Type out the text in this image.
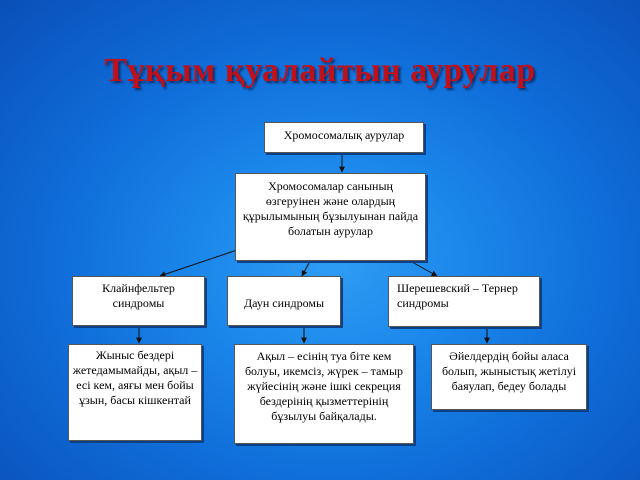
Тұқым қуалайтын аурулар
Хромосомалық аурулар
Хромосомалар санының өзгеруінен және олардың құрылымының бұзылуынан пайда болатын аурулар
Клайнфельтер синдромы	Даун синдромы
Шерешевский – Тернер синдромы
Жыныс бездері жетедамымайды, ақыл – есі кем, аяғы мен бойы ұзын, басы кішкентай
Ақыл – есінің туа біте кем болуы, икемсіз, жүрек – тамыр жүйесінің және ішкі секреция бездерінің қызметтерінің бұзылуы байқалады.
Әйелдердің бойы аласа болып, жыныстық жетілуі баяулап, бедеу болады
